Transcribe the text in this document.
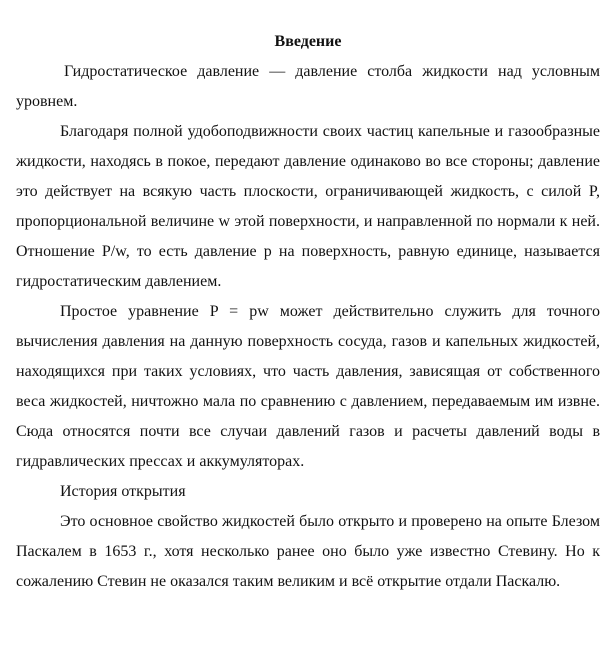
Введение

Гидростатическое давление — давление столба жидкости над условным уровнем.

Благодаря полной удобоподвижности своих частиц капельные и газообразные жидкости, находясь в покое, передают давление одинаково во все стороны; давление это действует на всякую часть плоскости, ограничивающей жидкость, с силой P, пропорциональной величине w этой поверхности, и направленной по нормали к ней. Отношение P/w, то есть давление p на поверхность, равную единице, называется гидростатическим давлением.

Простое уравнение P = pw может действительно служить для точного вычисления давления на данную поверхность сосуда, газов и капельных жидкостей, находящихся при таких условиях, что часть давления, зависящая от собственного веса жидкостей, ничтожно мала по сравнению с давлением, передаваемым им извне. Сюда относятся почти все случаи давлений газов и расчеты давлений воды в гидравлических прессах и аккумуляторах.

История открытия

Это основное свойство жидкостей было открыто и проверено на опыте Блезом Паскалем в 1653 г., хотя несколько ранее оно было уже известно Стевину. Но к сожалению Стевин не оказался таким великим и всё открытие отдали Паскалю.
